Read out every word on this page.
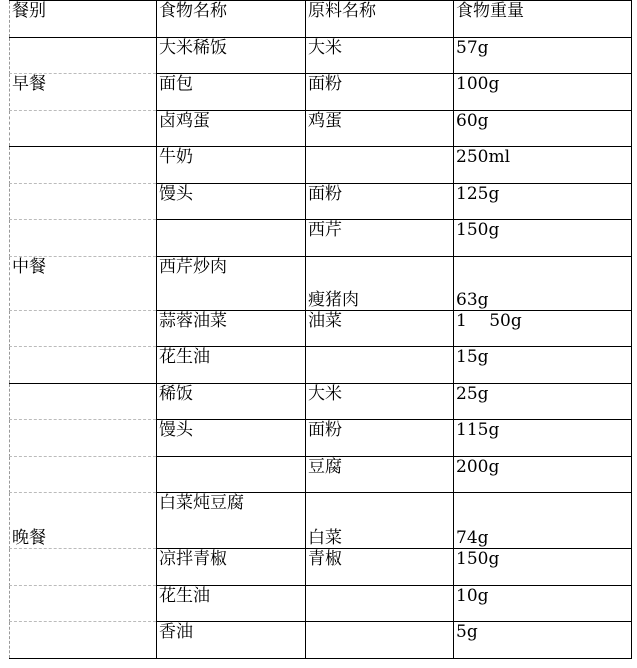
餐别	食物名称	原料名称	食物重量
	大米稀饭	大米	57g
早餐	面包	面粉	100g
	卤鸡蛋	鸡蛋	60g
	牛奶		250ml
	馒头	面粉	125g
		西芹	150g
中餐	西芹炒肉	瘦猪肉	63g
	蒜蓉油菜	油菜	1　 50g
	花生油		15g
	稀饭	大米	25g
	馒头	面粉	115g
		豆腐	200g
晚餐	白菜炖豆腐	白菜	74g
	凉拌青椒	青椒	150g
	花生油		10g
	香油		5g
